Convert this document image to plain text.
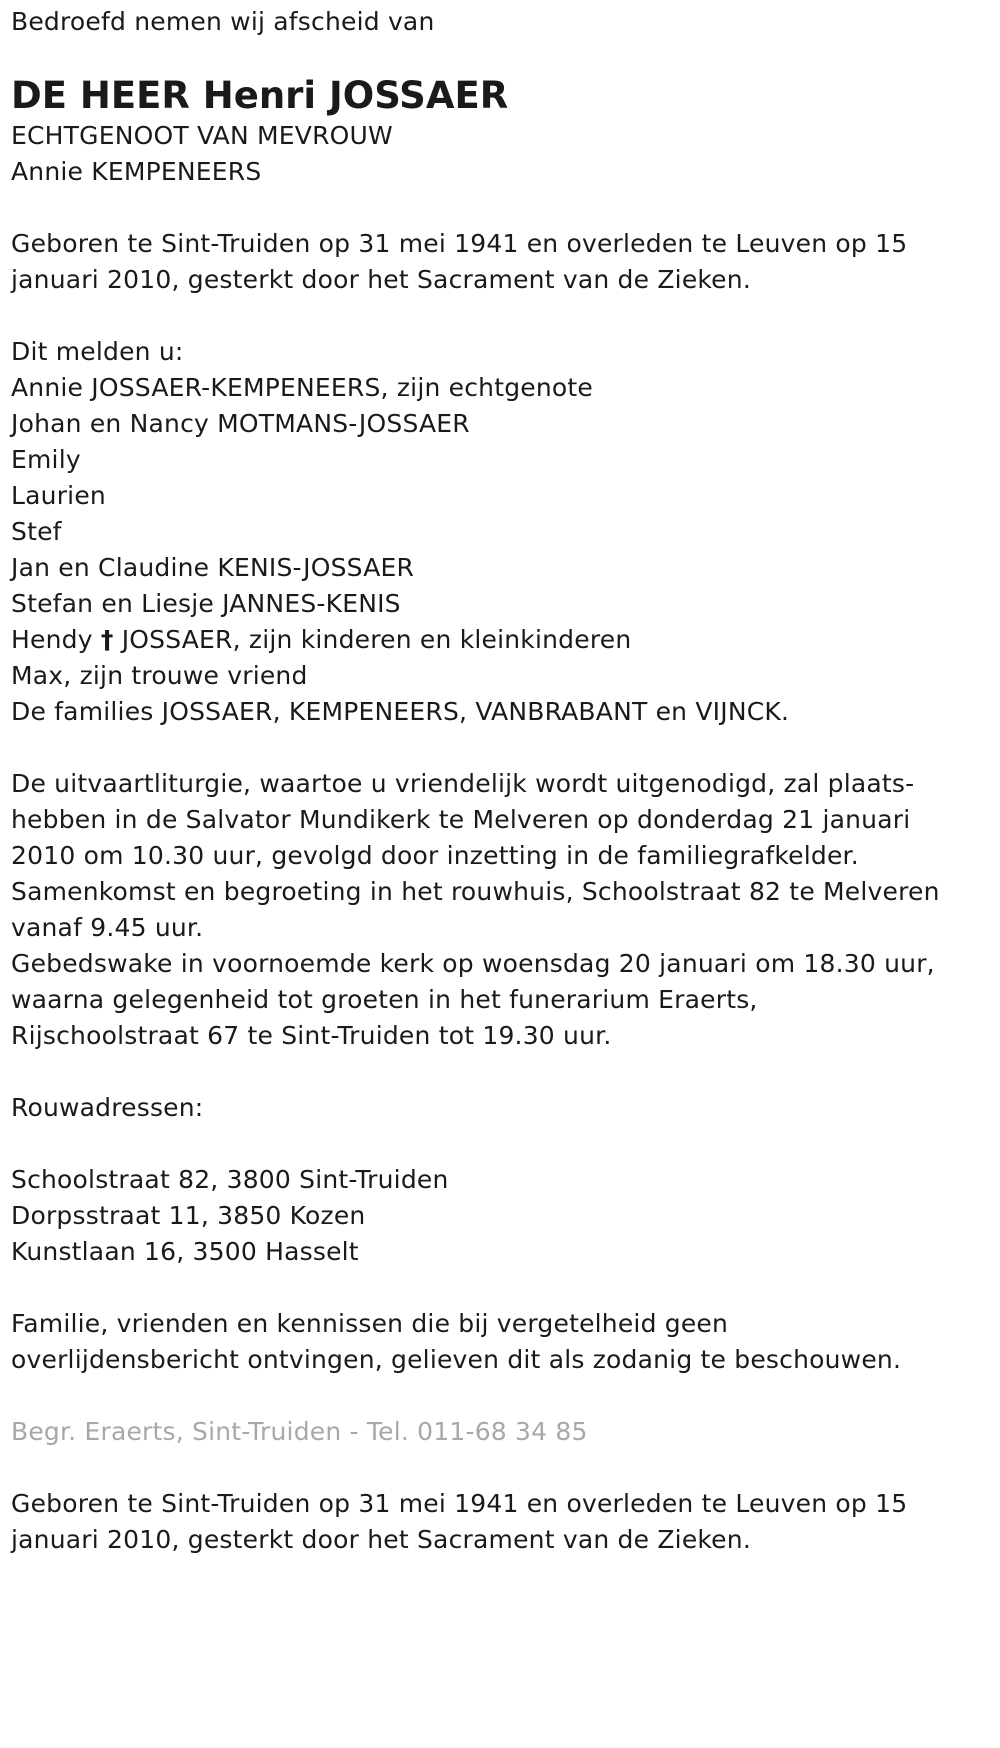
Bedroefd nemen wij afscheid van
DE HEER Henri JOSSAER
ECHTGENOOT VAN MEVROUW
Annie KEMPENEERS
Geboren te Sint-Truiden op 31 mei 1941 en overleden te Leuven op 15
januari 2010, gesterkt door het Sacrament van de Zieken.
Dit melden u:
Annie JOSSAER-KEMPENEERS, zijn echtgenote
Johan en Nancy MOTMANS-JOSSAER
Emily
Laurien
Stef
Jan en Claudine KENIS-JOSSAER
Stefan en Liesje JANNES-KENIS
Hendy † JOSSAER, zijn kinderen en kleinkinderen
Max, zijn trouwe vriend
De families JOSSAER, KEMPENEERS, VANBRABANT en VIJNCK.
De uitvaartliturgie, waartoe u vriendelijk wordt uitgenodigd, zal plaats-
hebben in de Salvator Mundikerk te Melveren op donderdag 21 januari
2010 om 10.30 uur, gevolgd door inzetting in de familiegrafkelder.
Samenkomst en begroeting in het rouwhuis, Schoolstraat 82 te Melveren
vanaf 9.45 uur.
Gebedswake in voornoemde kerk op woensdag 20 januari om 18.30 uur,
waarna gelegenheid tot groeten in het funerarium Eraerts,
Rijschoolstraat 67 te Sint-Truiden tot 19.30 uur.
Rouwadressen:
Schoolstraat 82, 3800 Sint-Truiden
Dorpsstraat 11, 3850 Kozen
Kunstlaan 16, 3500 Hasselt
Familie, vrienden en kennissen die bij vergetelheid geen
overlijdensbericht ontvingen, gelieven dit als zodanig te beschouwen.
Begr. Eraerts, Sint-Truiden - Tel. 011-68 34 85
Geboren te Sint-Truiden op 31 mei 1941 en overleden te Leuven op 15
januari 2010, gesterkt door het Sacrament van de Zieken.
